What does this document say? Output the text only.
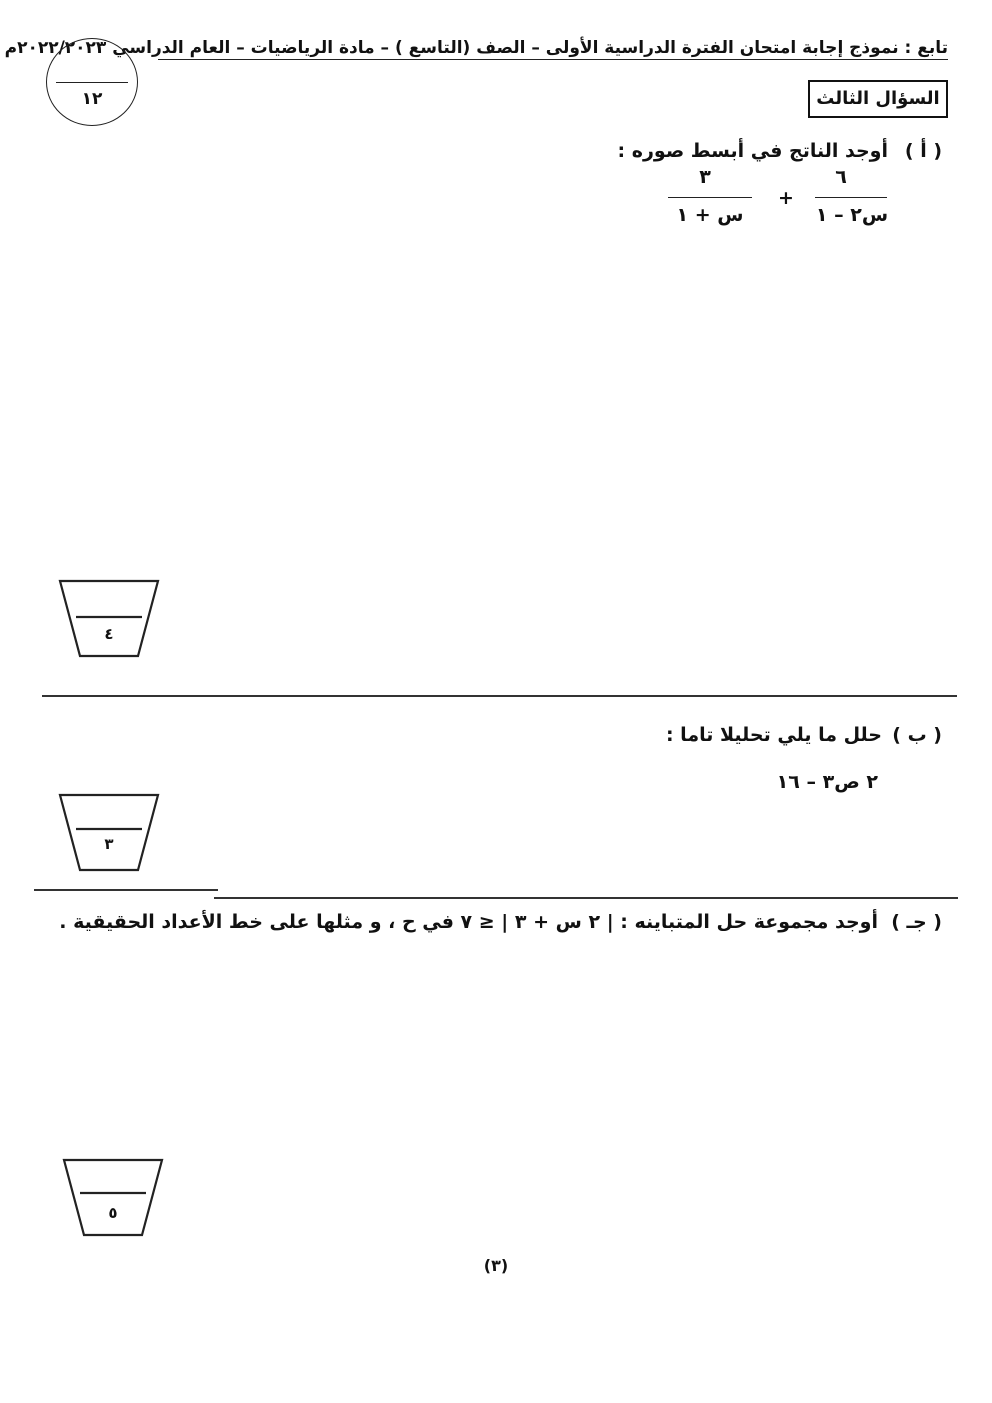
تابع : نموذج إجابة امتحان الفترة الدراسية الأولى – الصف (التاسع ) – مادة الرياضيات – العام الدراسي ٢٠٢٢/٢٠٢٣م
١٢	السؤال الثالث
( أ )
أوجد الناتج في أبسط صوره :
٦
س٢ – ١
+
٣
س + ١
٤
( ب )
حلل ما يلي تحليلا تاما :
٢ ص٣ – ١٦
٣
( جـ )
أوجد مجموعة حل المتباينه : | ٢ س + ٣ | ≤ ٧ في ح ، و مثلها على خط الأعداد الحقيقية .
٥
(٣)
